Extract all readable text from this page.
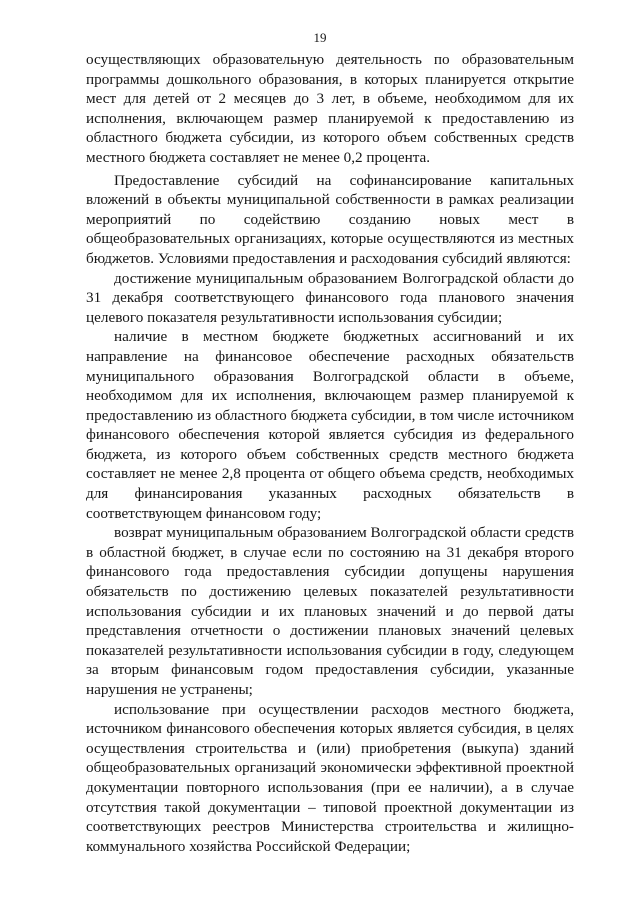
19

осуществляющих образовательную деятельность по образовательным программы дошкольного образования, в которых планируется открытие мест для детей от 2 месяцев до 3 лет, в объеме, необходимом для их исполнения, включающем размер планируемой к предоставлению из областного бюджета субсидии, из которого объем собственных средств местного бюджета составляет не менее 0,2 процента.

Предоставление субсидий на софинансирование капитальных вложений в объекты муниципальной собственности в рамках реализации мероприятий по содействию созданию новых мест в общеобразовательных организациях, которые осуществляются из местных бюджетов. Условиями предоставления и расходования субсидий являются:

достижение муниципальным образованием Волгоградской области до 31 декабря соответствующего финансового года планового значения целевого показателя результативности использования субсидии;

наличие в местном бюджете бюджетных ассигнований и их направление на финансовое обеспечение расходных обязательств муниципального образования Волгоградской области в объеме, необходимом для их исполнения, включающем размер планируемой к предоставлению из областного бюджета субсидии, в том числе источником финансового обеспечения которой является субсидия из федерального бюджета, из которого объем собственных средств местного бюджета составляет не менее 2,8 процента от общего объема средств, необходимых для финансирования указанных расходных обязательств в соответствующем финансовом году;

возврат муниципальным образованием Волгоградской области средств в областной бюджет, в случае если по состоянию на 31 декабря второго финансового года предоставления субсидии допущены нарушения обязательств по достижению целевых показателей результативности использования субсидии и их плановых значений и до первой даты представления отчетности о достижении плановых значений целевых показателей результативности использования субсидии в году, следующем за вторым финансовым годом предоставления субсидии, указанные нарушения не устранены;

использование при осуществлении расходов местного бюджета, источником финансового обеспечения которых является субсидия, в целях осуществления строительства и (или) приобретения (выкупа) зданий общеобразовательных организаций экономически эффективной проектной документации повторного использования (при ее наличии), а в случае отсутствия такой документации – типовой проектной документации из соответствующих реестров Министерства строительства и жилищно-коммунального хозяйства Российской Федерации;
